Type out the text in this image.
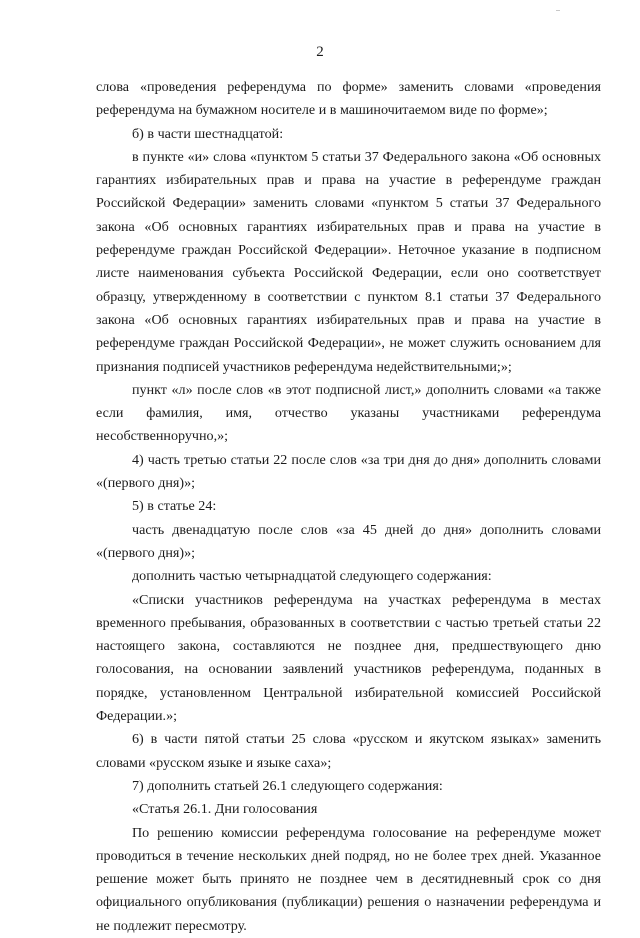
2

слова «проведения референдума по форме» заменить словами «проведения референдума на бумажном носителе и в машиночитаемом виде по форме»;

б) в части шестнадцатой:

в пункте «и» слова «пунктом 5 статьи 37 Федерального закона «Об основных гарантиях избирательных прав и права на участие в референдуме граждан Российской Федерации» заменить словами «пунктом 5 статьи 37 Федерального закона «Об основных гарантиях избирательных прав и права на участие в референдуме граждан Российской Федерации». Неточное указание в подписном листе наименования субъекта Российской Федерации, если оно соответствует образцу, утвержденному в соответствии с пунктом 8.1 статьи 37 Федерального закона «Об основных гарантиях избирательных прав и права на участие в референдуме граждан Российской Федерации», не может служить основанием для признания подписей участников референдума недействительными;»;

пункт «л» после слов «в этот подписной лист,» дополнить словами «а также если фамилия, имя, отчество указаны участниками референдума несобственноручно,»;

4) часть третью статьи 22 после слов «за три дня до дня» дополнить словами «(первого дня)»;

5) в статье 24:

часть двенадцатую после слов «за 45 дней до дня» дополнить словами «(первого дня)»;

дополнить частью четырнадцатой следующего содержания:

«Списки участников референдума на участках референдума в местах временного пребывания, образованных в соответствии с частью третьей статьи 22 настоящего закона, составляются не позднее дня, предшествующего дню голосования, на основании заявлений участников референдума, поданных в порядке, установленном Центральной избирательной комиссией Российской Федерации.»;

6) в части пятой статьи 25 слова «русском и якутском языках» заменить словами «русском языке и языке саха»;

7) дополнить статьей 26.1 следующего содержания:

«Статья 26.1. Дни голосования

По решению комиссии референдума голосование на референдуме может проводиться в течение нескольких дней подряд, но не более трех дней. Указанное решение может быть принято не позднее чем в десятидневный срок со дня официального опубликования (публикации) решения о назначении референдума и не подлежит пересмотру.
